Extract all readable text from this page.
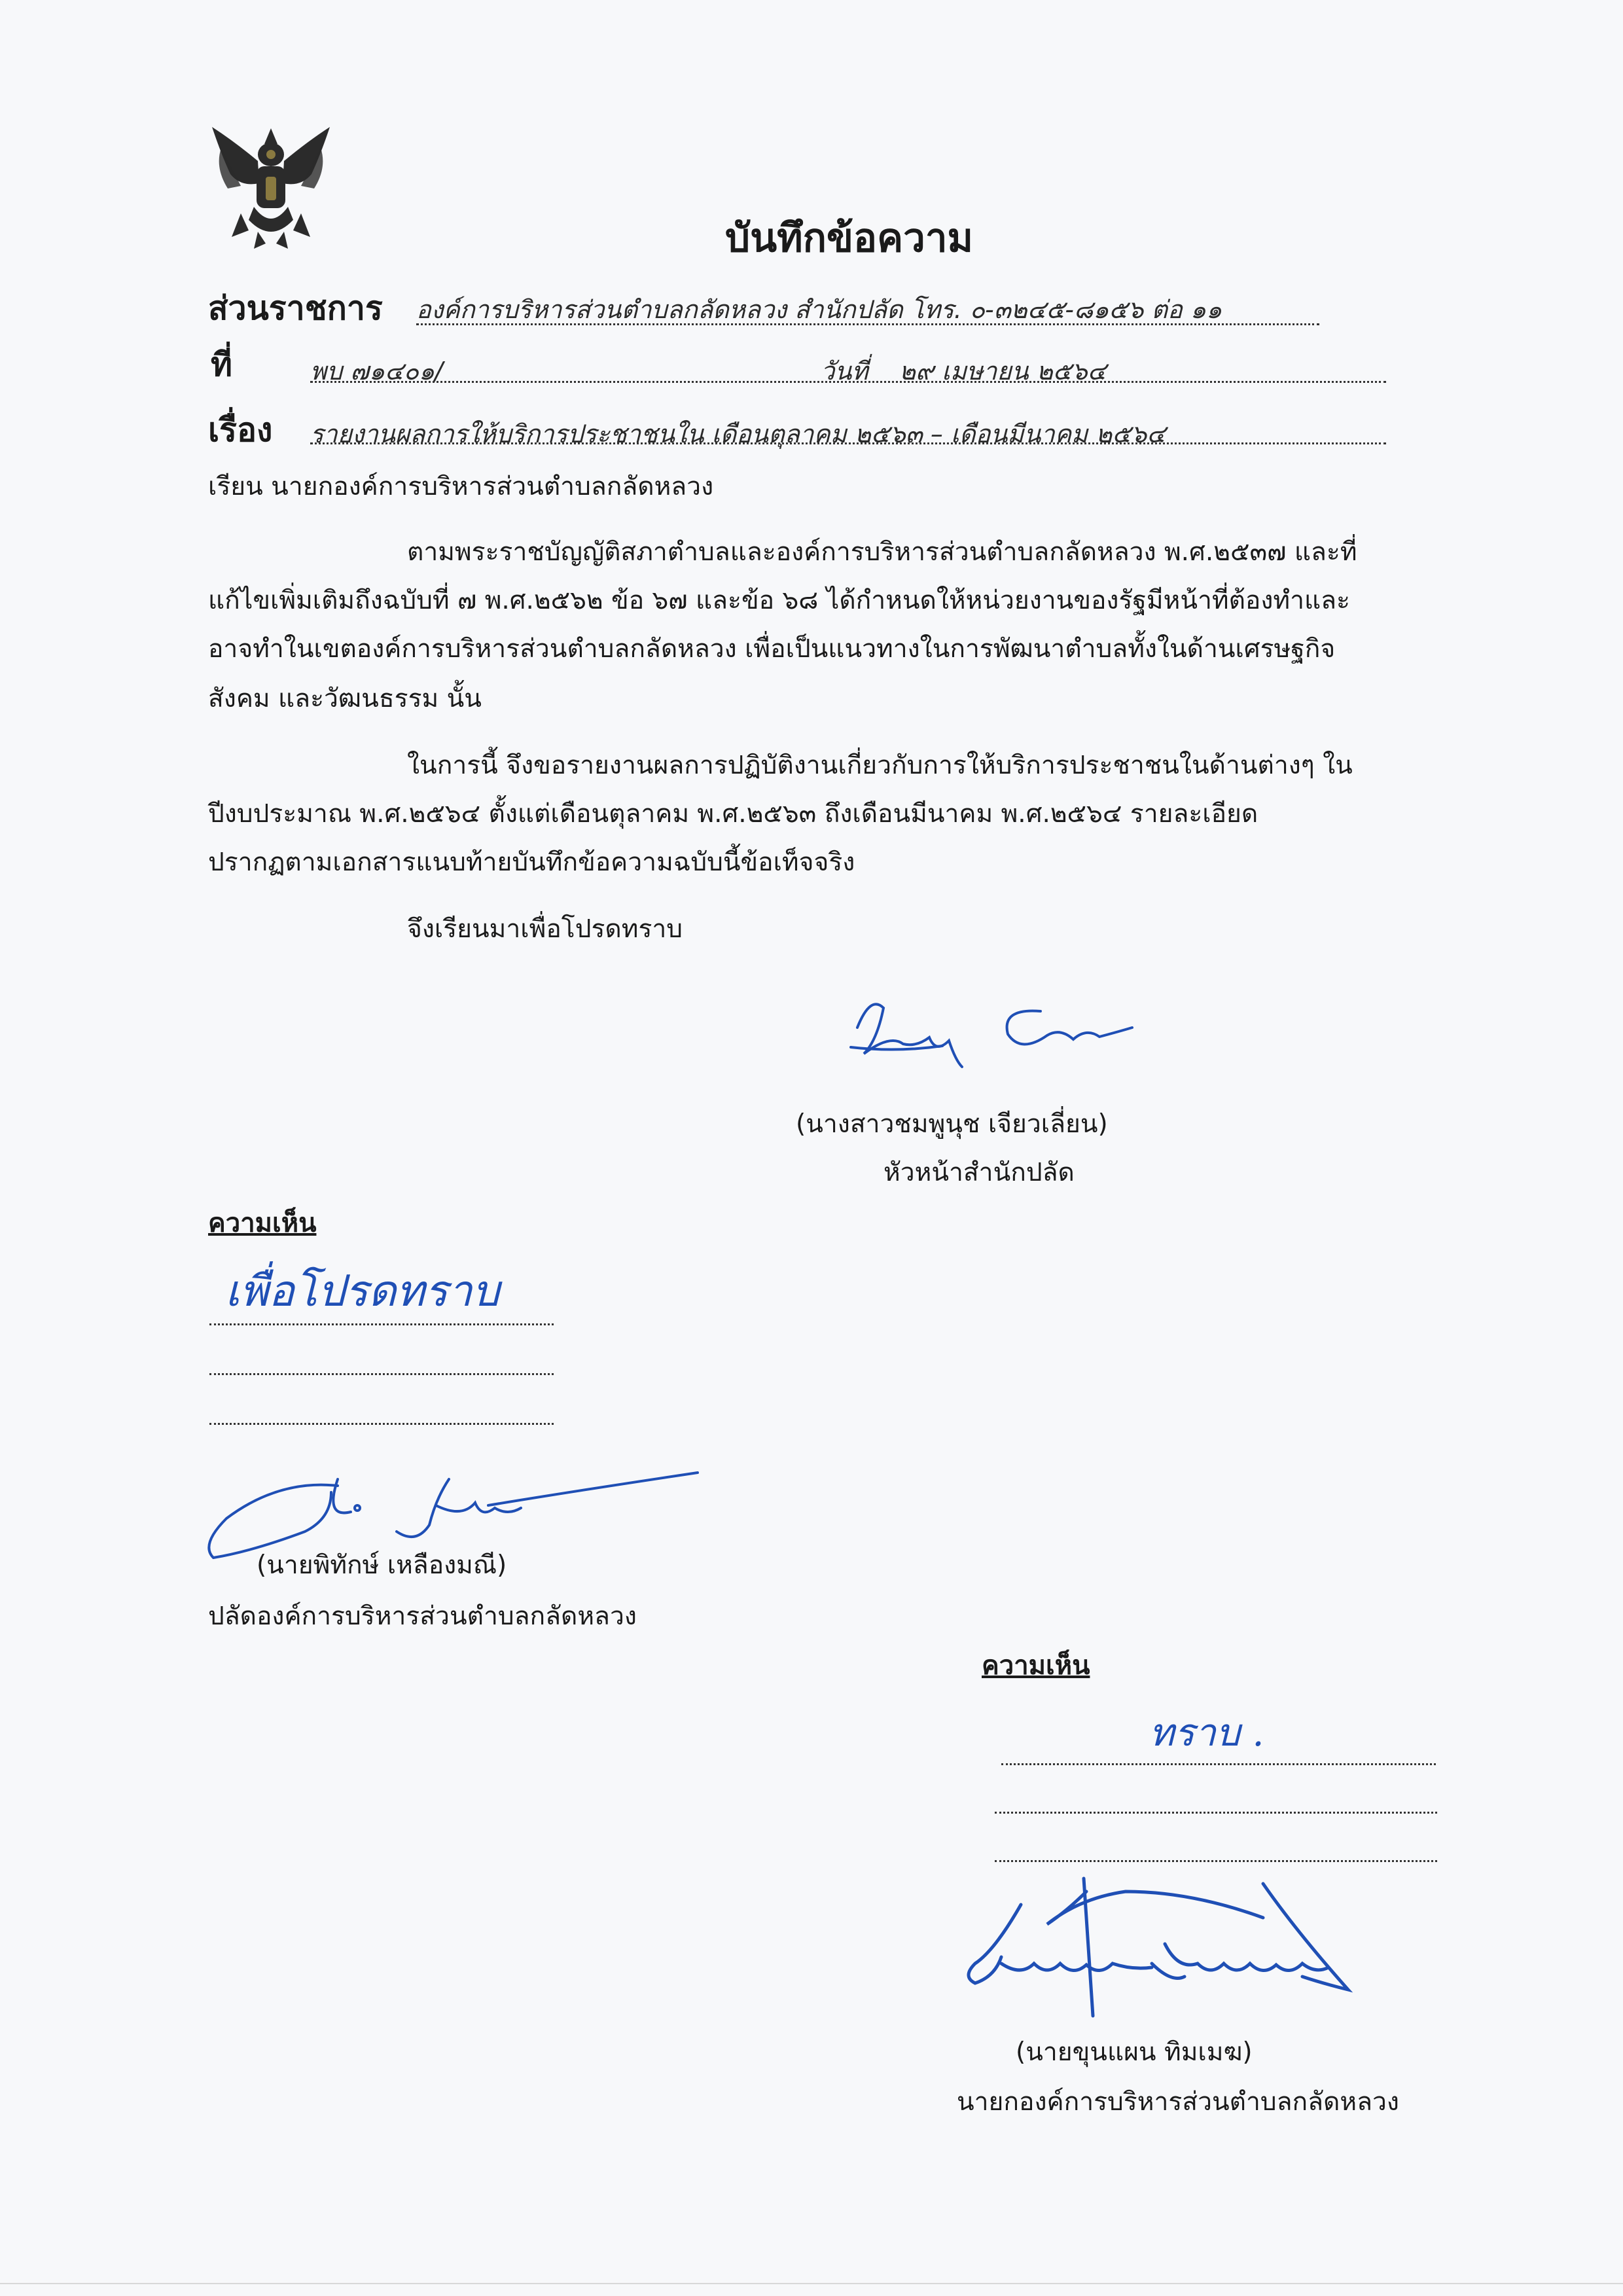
บันทึกข้อความ
ส่วนราชการ องค์การบริหารส่วนตำบลกลัดหลวง สำนักปลัด โทร. ๐-๓๒๔๕-๘๑๕๖ ต่อ ๑๑
ที่	พบ ๗๑๔๐๑/	วันที่ ๒๙ เมษายน ๒๕๖๔
เรื่อง รายงานผลการให้บริการประชาชนใน เดือนตุลาคม ๒๕๖๓ – เดือนมีนาคม ๒๕๖๔
เรียน นายกองค์การบริหารส่วนตำบลกลัดหลวง
ตามพระราชบัญญัติสภาตำบลและองค์การบริหารส่วนตำบลกลัดหลวง พ.ศ.๒๕๓๗ และที่
แก้ไขเพิ่มเติมถึงฉบับที่ ๗ พ.ศ.๒๕๖๒ ข้อ ๖๗ และข้อ ๖๘ ได้กำหนดให้หน่วยงานของรัฐมีหน้าที่ต้องทำและ
อาจทำในเขตองค์การบริหารส่วนตำบลกลัดหลวง เพื่อเป็นแนวทางในการพัฒนาตำบลทั้งในด้านเศรษฐกิจ
สังคม และวัฒนธรรม นั้น
ในการนี้ จึงขอรายงานผลการปฏิบัติงานเกี่ยวกับการให้บริการประชาชนในด้านต่างๆ ใน
ปีงบประมาณ พ.ศ.๒๕๖๔ ตั้งแต่เดือนตุลาคม พ.ศ.๒๕๖๓ ถึงเดือนมีนาคม พ.ศ.๒๕๖๔ รายละเอียด
ปรากฏตามเอกสารแนบท้ายบันทึกข้อความฉบับนี้ข้อเท็จจริง
จึงเรียนมาเพื่อโปรดทราบ
(นางสาวชมพูนุช เจียวเลี่ยน)
หัวหน้าสำนักปลัด
ความเห็น
เพื่อโปรดทราบ
(นายพิทักษ์ เหลืองมณี)
ปลัดองค์การบริหารส่วนตำบลกลัดหลวง
ความเห็น
ทราบ .
(นายขุนแผน ทิมเมฆ)
นายกองค์การบริหารส่วนตำบลกลัดหลวง
